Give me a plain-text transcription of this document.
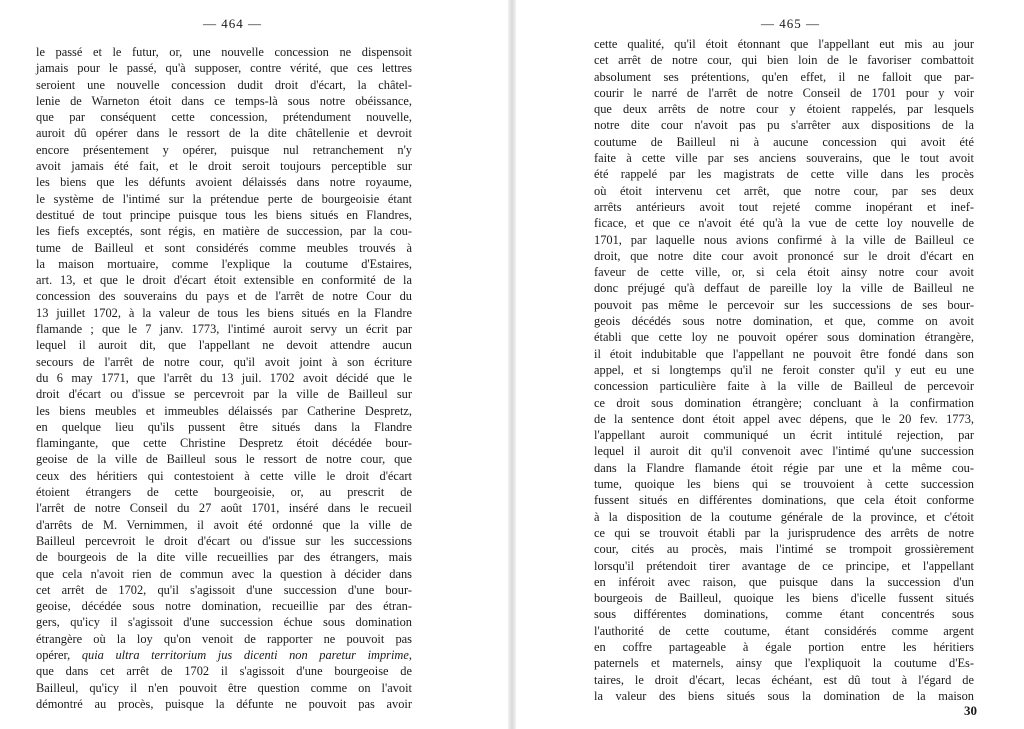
— 464 —
le passé et le futur, or, une nouvelle concession ne dispensoit
jamais pour le passé, qu'à supposer, contre vérité, que ces lettres
seroient une nouvelle concession dudit droit d'écart, la châtel-
lenie de Warneton étoit dans ce temps-là sous notre obéissance,
que par conséquent cette concession, prétendument nouvelle,
auroit dû opérer dans le ressort de la dite châtellenie et devroit
encore présentement y opérer, puisque nul retranchement n'y
avoit jamais été fait, et le droit seroit toujours perceptible sur
les biens que les défunts avoient délaissés dans notre royaume,
le système de l'intimé sur la prétendue perte de bourgeoisie étant
destitué de tout principe puisque tous les biens situés en Flandres,
les fiefs exceptés, sont régis, en matière de succession, par la cou-
tume de Bailleul et sont considérés comme meubles trouvés à
la maison mortuaire, comme l'explique la coutume d'Estaires,
art. 13, et que le droit d'écart étoit extensible en conformité de la
concession des souverains du pays et de l'arrêt de notre Cour du
13 juillet 1702, à la valeur de tous les biens situés en la Flandre
flamande ; que le 7 janv. 1773, l'intimé auroit servy un écrit par
lequel il auroit dit, que l'appellant ne devoit attendre aucun
secours de l'arrêt de notre cour, qu'il avoit joint à son écriture
du 6 may 1771, que l'arrêt du 13 juil. 1702 avoit décidé que le
droit d'écart ou d'issue se percevroit par la ville de Bailleul sur
les biens meubles et immeubles délaissés par Catherine Despretz,
en quelque lieu qu'ils pussent être situés dans la Flandre
flamingante, que cette Christine Despretz étoit décédée bour-
geoise de la ville de Bailleul sous le ressort de notre cour, que
ceux des héritiers qui contestoient à cette ville le droit d'écart
étoient étrangers de cette bourgeoisie, or, au prescrit de
l'arrêt de notre Conseil du 27 août 1701, inséré dans le recueil
d'arrêts de M. Vernimmen, il avoit été ordonné que la ville de
Bailleul percevroit le droit d'écart ou d'issue sur les successions
de bourgeois de la dite ville recueillies par des étrangers, mais
que cela n'avoit rien de commun avec la question à décider dans
cet arrêt de 1702, qu'il s'agissoit d'une succession d'une bour-
geoise, décédée sous notre domination, recueillie par des étran-
gers, qu'icy il s'agissoit d'une succession échue sous domination
étrangère où la loy qu'on venoit de rapporter ne pouvoit pas
opérer, quia ultra territorium jus dicenti non paretur imprime,
que dans cet arrêt de 1702 il s'agissoit d'une bourgeoise de
Bailleul, qu'icy il n'en pouvoit être question comme on l'avoit
démontré au procès, puisque la défunte ne pouvoit pas avoir
— 465 —
cette qualité, qu'il étoit étonnant que l'appellant eut mis au jour
cet arrêt de notre cour, qui bien loin de le favoriser combattoit
absolument ses prétentions, qu'en effet, il ne falloit que par-
courir le narré de l'arrêt de notre Conseil de 1701 pour y voir
que deux arrêts de notre cour y étoient rappelés, par lesquels
notre dite cour n'avoit pas pu s'arrêter aux dispositions de la
coutume de Bailleul ni à aucune concession qui avoit été
faite à cette ville par ses anciens souverains, que le tout avoit
été rappelé par les magistrats de cette ville dans les procès
où étoit intervenu cet arrêt, que notre cour, par ses deux
arrêts antérieurs avoit tout rejeté comme inopérant et inef-
ficace, et que ce n'avoit été qu'à la vue de cette loy nouvelle de
1701, par laquelle nous avions confirmé à la ville de Bailleul ce
droit, que notre dite cour avoit prononcé sur le droit d'écart en
faveur de cette ville, or, si cela étoit ainsy notre cour avoit
donc préjugé qu'à deffaut de pareille loy la ville de Bailleul ne
pouvoit pas même le percevoir sur les successions de ses bour-
geois décédés sous notre domination, et que, comme on avoit
établi que cette loy ne pouvoit opérer sous domination étrangère,
il étoit indubitable que l'appellant ne pouvoit être fondé dans son
appel, et si longtemps qu'il ne feroit conster qu'il y eut eu une
concession particulière faite à la ville de Bailleul de percevoir
ce droit sous domination étrangère; concluant à la confirmation
de la sentence dont étoit appel avec dépens, que le 20 fev. 1773,
l'appellant auroit communiqué un écrit intitulé rejection, par
lequel il auroit dit qu'il convenoit avec l'intimé qu'une succession
dans la Flandre flamande étoit régie par une et la même cou-
tume, quoique les biens qui se trouvoient à cette succession
fussent situés en différentes dominations, que cela étoit conforme
à la disposition de la coutume générale de la province, et c'étoit
ce qui se trouvoit établi par la jurisprudence des arrêts de notre
cour, cités au procès, mais l'intimé se trompoit grossièrement
lorsqu'il prétendoit tirer avantage de ce principe, et l'appellant
en inféroit avec raison, que puisque dans la succession d'un
bourgeois de Bailleul, quoique les biens d'icelle fussent situés
sous différentes dominations, comme étant concentrés sous
l'authorité de cette coutume, étant considérés comme argent
en coffre partageable à égale portion entre les héritiers
paternels et maternels, ainsy que l'expliquoit la coutume d'Es-
taires, le droit d'écart, lecas échéant, est dû tout à l'égard de
la valeur des biens situés sous la domination de la maison
30
